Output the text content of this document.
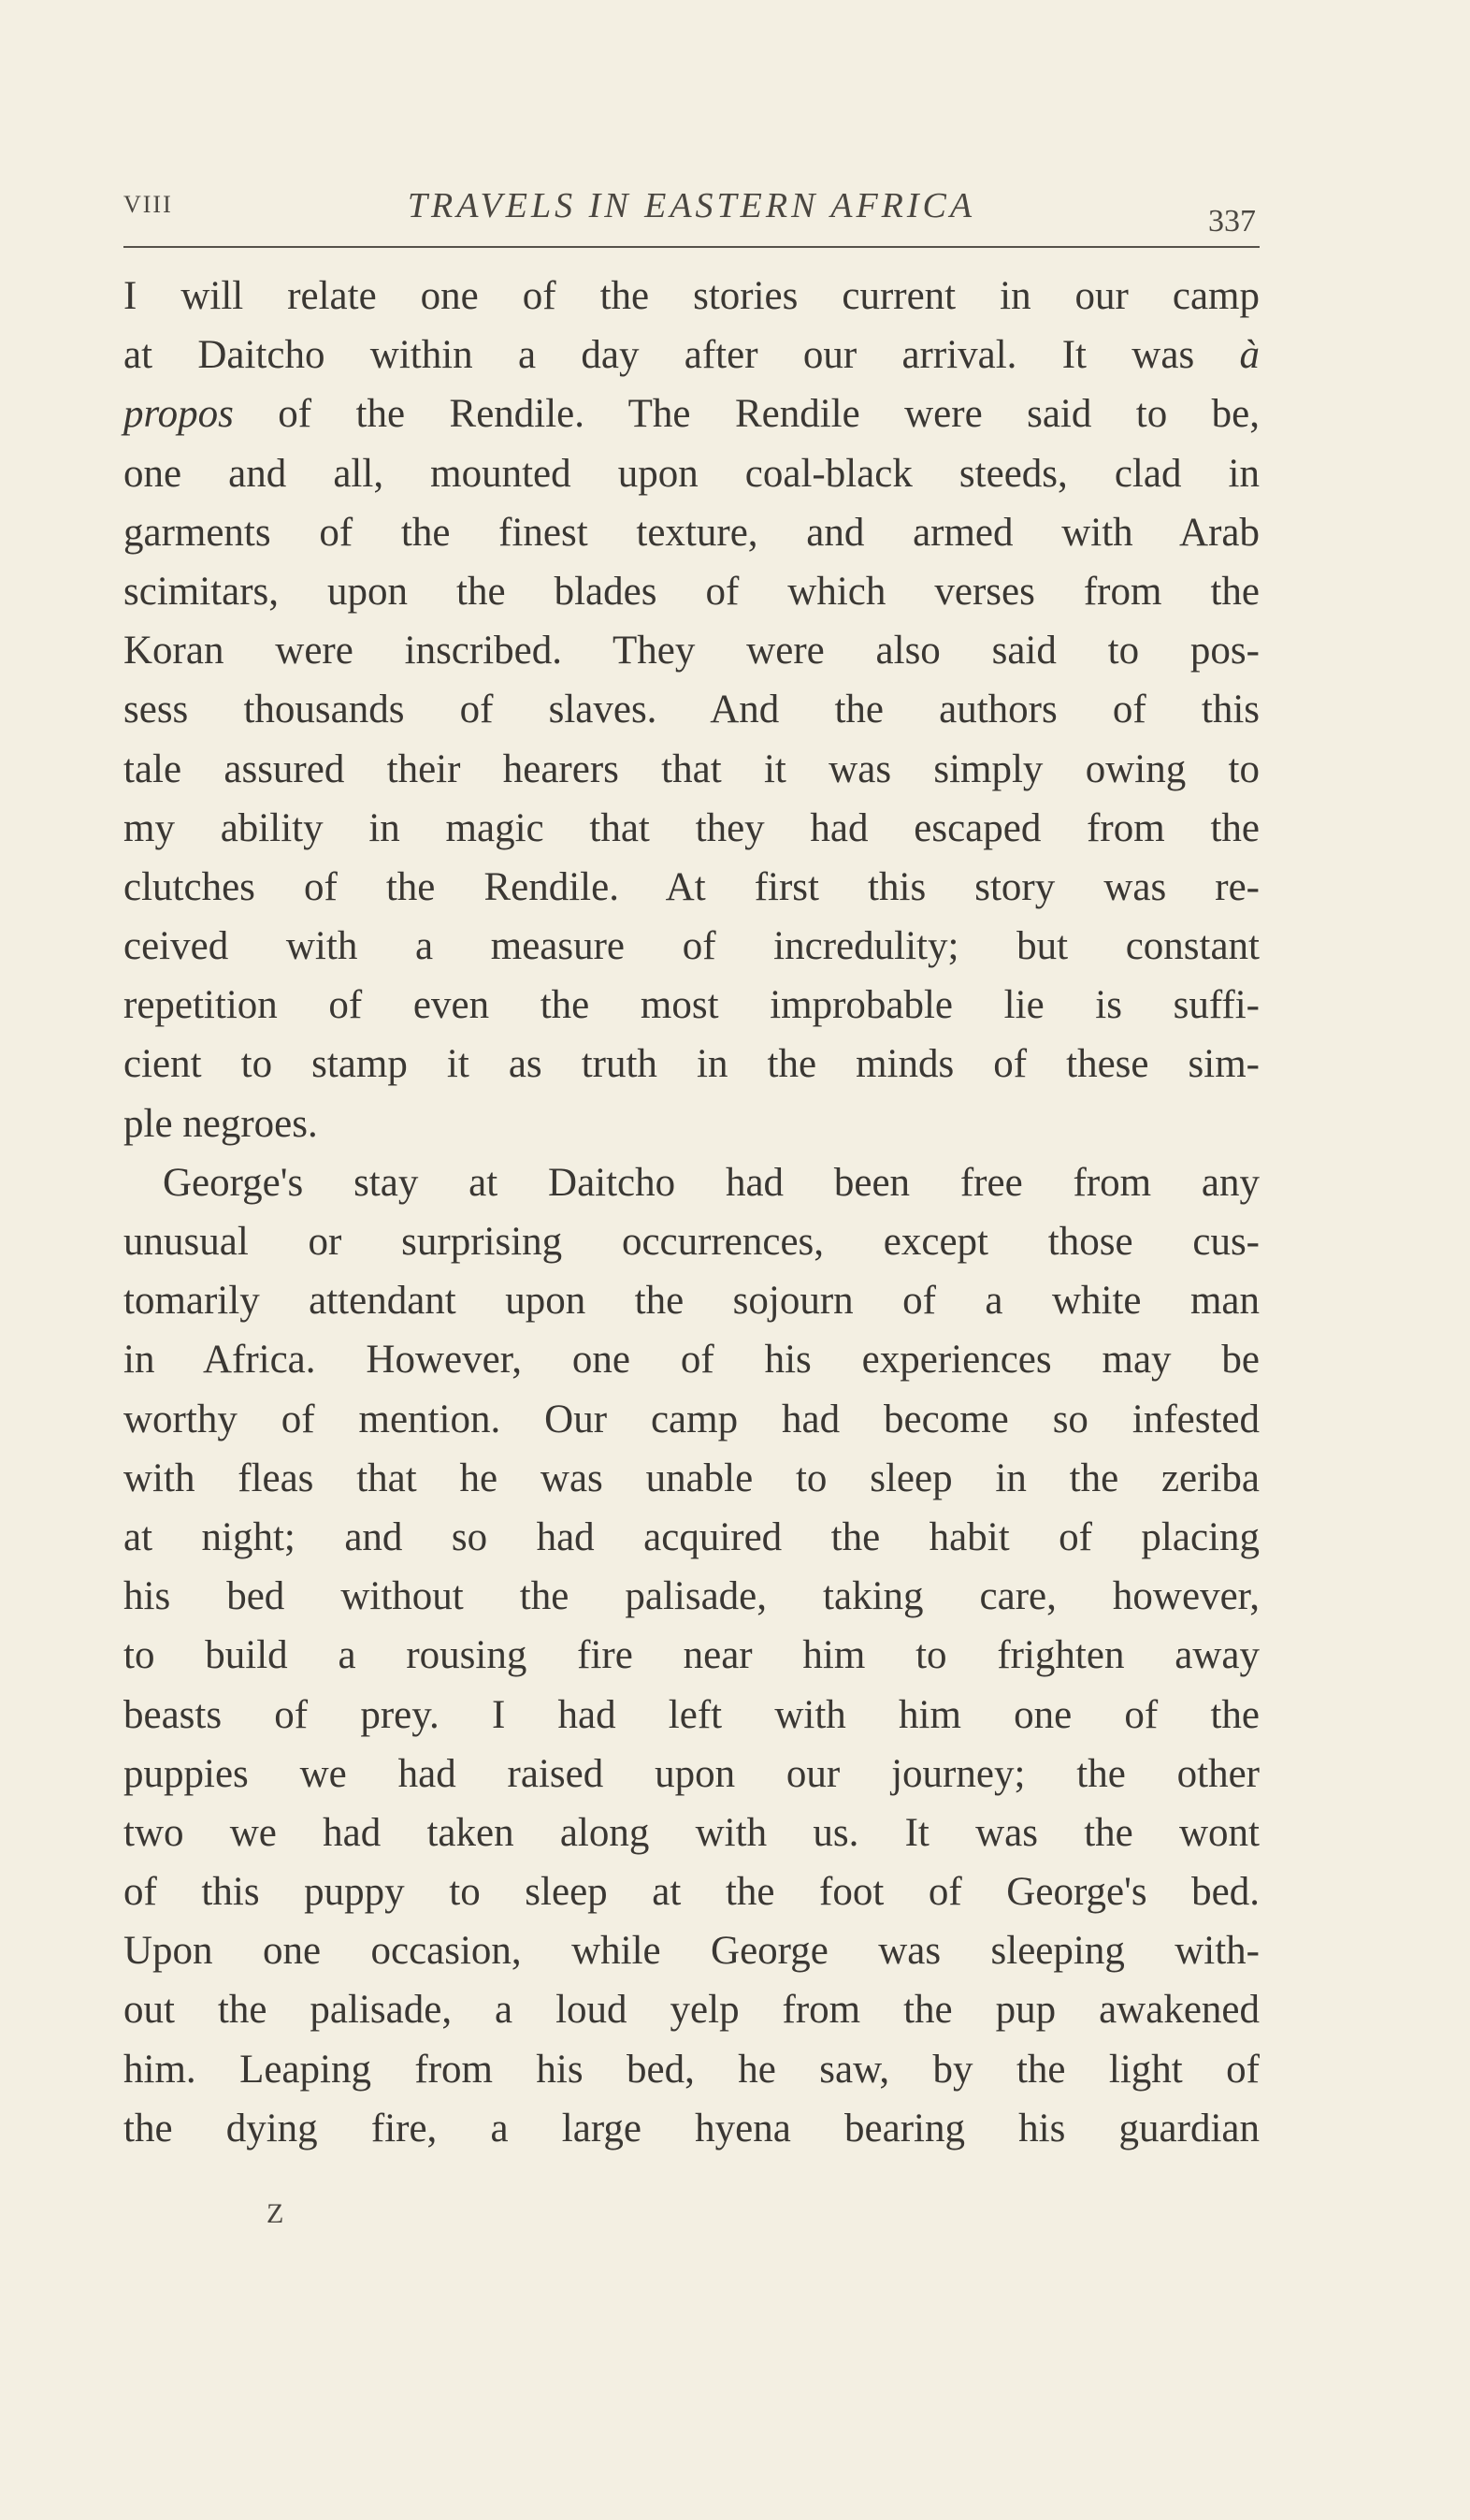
VIII	TRAVELS IN EASTERN AFRICA	337
I will relate one of the stories current in our camp
at Daitcho within a day after our arrival. It was à
propos of the Rendile. The Rendile were said to be,
one and all, mounted upon coal-black steeds, clad in
garments of the finest texture, and armed with Arab
scimitars, upon the blades of which verses from the
Koran were inscribed. They were also said to pos-
sess thousands of slaves. And the authors of this
tale assured their hearers that it was simply owing to
my ability in magic that they had escaped from the
clutches of the Rendile. At first this story was re-
ceived with a measure of incredulity; but constant
repetition of even the most improbable lie is suffi-
cient to stamp it as truth in the minds of these sim-
ple negroes.
George's stay at Daitcho had been free from any
unusual or surprising occurrences, except those cus-
tomarily attendant upon the sojourn of a white man
in Africa. However, one of his experiences may be
worthy of mention. Our camp had become so infested
with fleas that he was unable to sleep in the zeriba
at night; and so had acquired the habit of placing
his bed without the palisade, taking care, however,
to build a rousing fire near him to frighten away
beasts of prey. I had left with him one of the
puppies we had raised upon our journey; the other
two we had taken along with us. It was the wont
of this puppy to sleep at the foot of George's bed.
Upon one occasion, while George was sleeping with-
out the palisade, a loud yelp from the pup awakened
him. Leaping from his bed, he saw, by the light of
the dying fire, a large hyena bearing his guardian
Z
